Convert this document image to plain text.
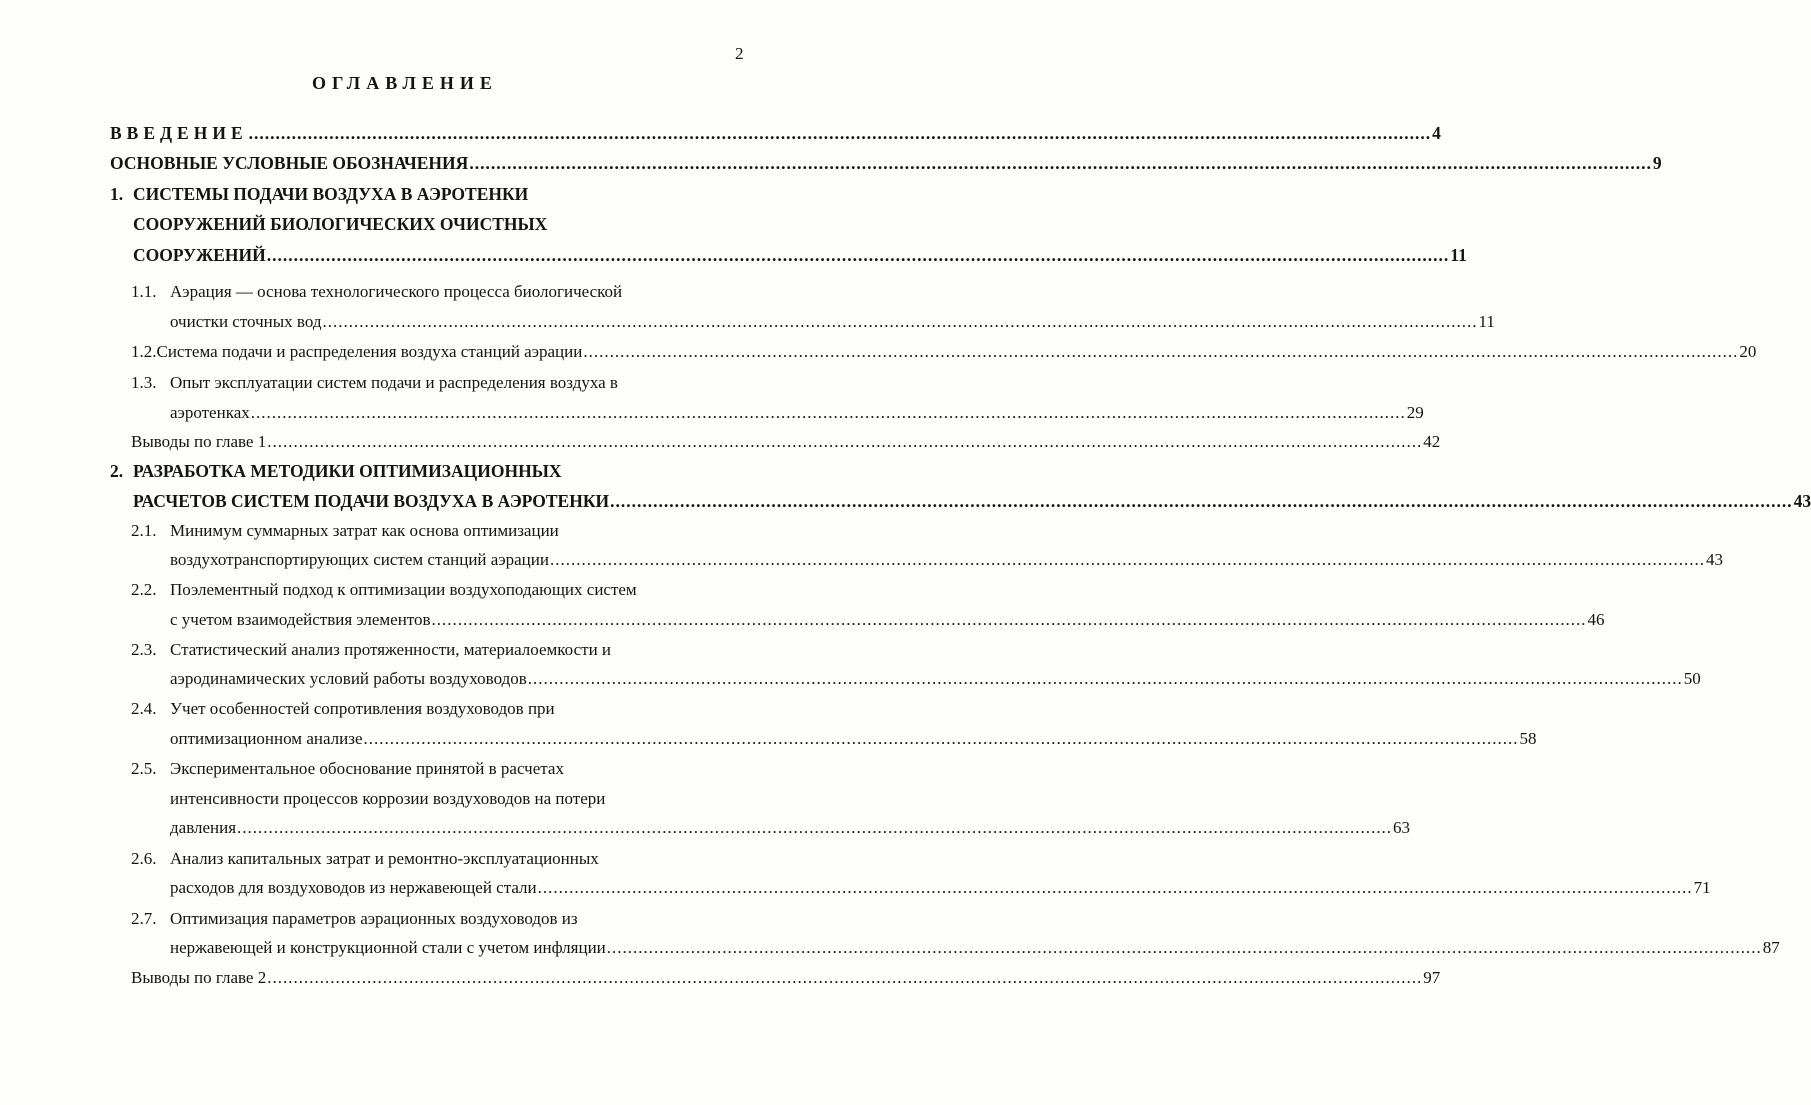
2
ОГЛАВЛЕНИЕ
ВВЕДЕНИЕ ............................................................................................................................................................................................................................ 4
ОСНОВНЫЕ УСЛОВНЫЕ ОБОЗНАЧЕНИЯ ............................................................................................................................................................................................................................ 9
1. СИСТЕМЫ ПОДАЧИ ВОЗДУХА В АЭРОТЕНКИ
СООРУЖЕНИЙ БИОЛОГИЧЕСКИХ ОЧИСТНЫХ
СООРУЖЕНИЙ ............................................................................................................................................................................................................................ 11
1.1. Аэрация — основа технологического процесса биологической
очистки сточных вод ............................................................................................................................................................................................................................ 11
1.2. Система подачи и распределения воздуха станций аэрации ............................................................................................................................................................................................................................ 20
1.3. Опыт эксплуатации систем подачи и распределения воздуха в
аэротенках ............................................................................................................................................................................................................................ 29
Выводы по главе 1 ............................................................................................................................................................................................................................ 42
2. РАЗРАБОТКА МЕТОДИКИ ОПТИМИЗАЦИОННЫХ
РАСЧЕТОВ СИСТЕМ ПОДАЧИ ВОЗДУХА В АЭРОТЕНКИ ............................................................................................................................................................................................................................ 43
2.1. Минимум суммарных затрат как основа оптимизации
воздухотранспортирующих систем станций аэрации ............................................................................................................................................................................................................................ 43
2.2. Поэлементный подход к оптимизации воздухоподающих систем
с учетом взаимодействия элементов ............................................................................................................................................................................................................................ 46
2.3. Статистический анализ протяженности, материалоемкости и
аэродинамических условий работы воздуховодов ............................................................................................................................................................................................................................ 50
2.4. Учет особенностей сопротивления воздуховодов при
оптимизационном анализе ............................................................................................................................................................................................................................ 58
2.5. Экспериментальное обоснование принятой в расчетах
интенсивности процессов коррозии воздуховодов на потери
давления ............................................................................................................................................................................................................................ 63
2.6. Анализ капитальных затрат и ремонтно-эксплуатационных
расходов для воздуховодов из нержавеющей стали ............................................................................................................................................................................................................................ 71
2.7. Оптимизация параметров аэрационных воздуховодов из
нержавеющей и конструкционной стали с учетом инфляции ............................................................................................................................................................................................................................ 87
Выводы по главе 2 ............................................................................................................................................................................................................................ 97
